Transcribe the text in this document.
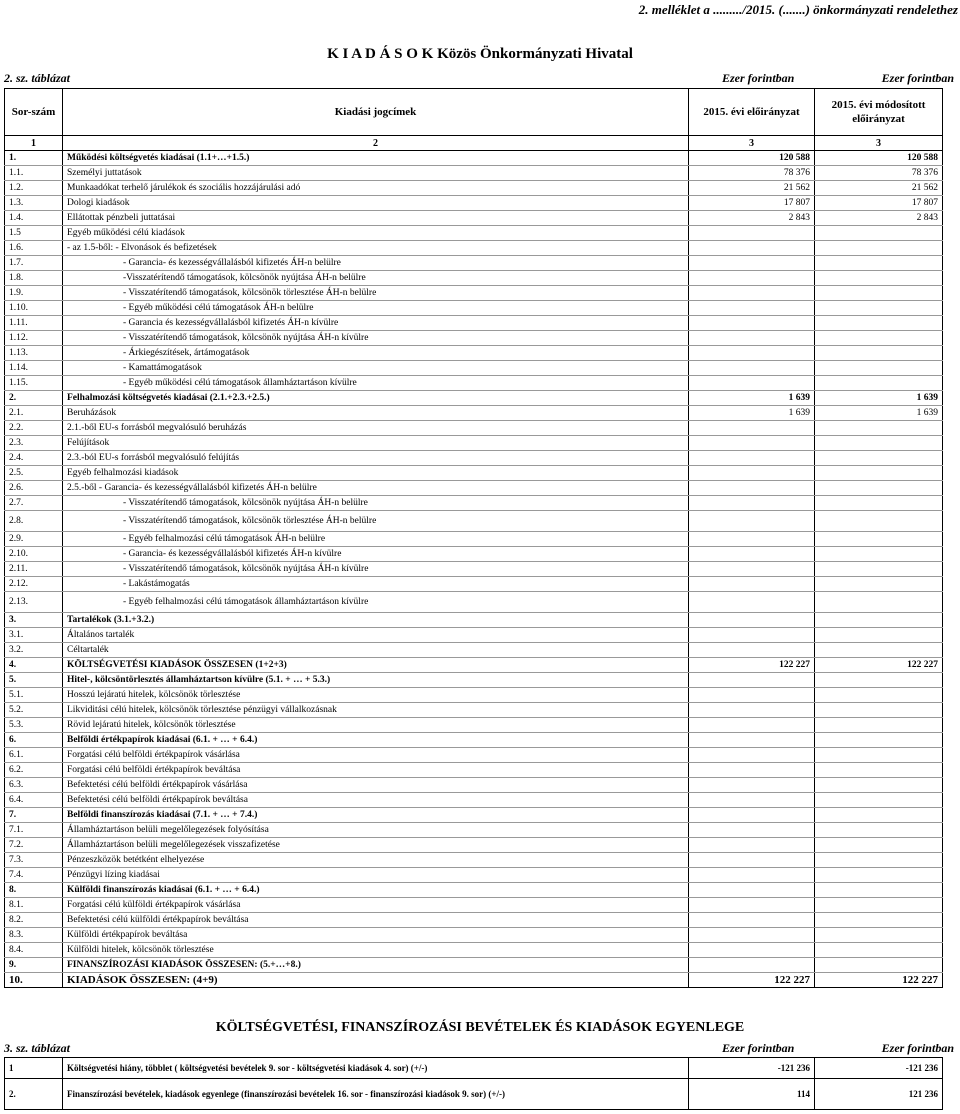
2. melléklet a ........./2015. (.......) önkormányzati rendelethez
K I A D Á S O K Közös Önkormányzati Hivatal
2. sz. táblázat	Ezer forintban	Ezer forintban
Sor-szám	Kiadási jogcímek	2015. évi előirányzat	2015. évi módosított előirányzat
1	2	3	3
1.	Működési költségvetés kiadásai (1.1+…+1.5.)	120 588	120 588
1.1.	Személyi juttatások	78 376	78 376
1.2.	Munkaadókat terhelő járulékok és szociális hozzájárulási adó	21 562	21 562
1.3.	Dologi kiadások	17 807	17 807
1.4.	Ellátottak pénzbeli juttatásai	2 843	2 843
1.5	Egyéb működési célú kiadások		
1.6.	- az 1.5-ből: - Elvonások és befizetések		
1.7.	- Garancia- és kezességvállalásból kifizetés ÁH-n belülre		
1.8.	-Visszatérítendő támogatások, kölcsönök nyújtása ÁH-n belülre		
1.9.	- Visszatérítendő támogatások, kölcsönök törlesztése ÁH-n belülre		
1.10.	- Egyéb működési célú támogatások ÁH-n belülre		
1.11.	- Garancia és kezességvállalásból kifizetés ÁH-n kívülre		
1.12.	- Visszatérítendő támogatások, kölcsönök nyújtása ÁH-n kívülre		
1.13.	- Árkiegészítések, ártámogatások		
1.14.	- Kamattámogatások		
1.15.	- Egyéb működési célú támogatások államháztartáson kívülre		
2.	Felhalmozási költségvetés kiadásai (2.1.+2.3.+2.5.)	1 639	1 639
2.1.	Beruházások	1 639	1 639
2.2.	2.1.-ből EU-s forrásból megvalósuló beruházás		
2.3.	Felújítások		
2.4.	2.3.-ból EU-s forrásból megvalósuló felújítás		
2.5.	Egyéb felhalmozási kiadások		
2.6.	2.5.-ből - Garancia- és kezességvállalásból kifizetés ÁH-n belülre		
2.7.	- Visszatérítendő támogatások, kölcsönök nyújtása ÁH-n belülre		
2.8.	- Visszatérítendő támogatások, kölcsönök törlesztése ÁH-n belülre		
2.9.	- Egyéb felhalmozási célú támogatások ÁH-n belülre		
2.10.	- Garancia- és kezességvállalásból kifizetés ÁH-n kívülre		
2.11.	- Visszatérítendő támogatások, kölcsönök nyújtása ÁH-n kívülre		
2.12.	- Lakástámogatás		
2.13.	- Egyéb felhalmozási célú támogatások államháztartáson kívülre		
3.	Tartalékok (3.1.+3.2.)		
3.1.	Általános tartalék		
3.2.	Céltartalék		
4.	KÖLTSÉGVETÉSI KIADÁSOK ÖSSZESEN (1+2+3)	122 227	122 227
5.	Hitel-, kölcsöntörlesztés államháztartson kívülre (5.1. + … + 5.3.)		
5.1.	Hosszú lejáratú hitelek, kölcsönök törlesztése		
5.2.	Likviditási célú hitelek, kölcsönök törlesztése pénzügyi vállalkozásnak		
5.3.	Rövid lejáratú hitelek, kölcsönök törlesztése		
6.	Belföldi értékpapírok kiadásai (6.1. + … + 6.4.)		
6.1.	Forgatási célú belföldi értékpapírok vásárlása		
6.2.	Forgatási célú belföldi értékpapírok beváltása		
6.3.	Befektetési célú belföldi értékpapírok vásárlása		
6.4.	Befektetési célú belföldi értékpapírok beváltása		
7.	Belföldi finanszírozás kiadásai (7.1. + … + 7.4.)		
7.1.	Államháztartáson belüli megelőlegezések folyósítása		
7.2.	Államháztartáson belüli megelőlegezések visszafizetése		
7.3.	Pénzeszközök betétként elhelyezése		
7.4.	Pénzügyi lízing kiadásai		
8.	Külföldi finanszírozás kiadásai (6.1. + … + 6.4.)		
8.1.	Forgatási célú külföldi értékpapírok vásárlása		
8.2.	Befektetési célú külföldi értékpapírok beváltása		
8.3.	Külföldi értékpapírok beváltása		
8.4.	Külföldi hitelek, kölcsönök törlesztése		
9.	FINANSZÍROZÁSI KIADÁSOK ÖSSZESEN: (5.+…+8.)		
10.	KIADÁSOK ÖSSZESEN: (4+9)	122 227	122 227
KÖLTSÉGVETÉSI, FINANSZÍROZÁSI BEVÉTELEK ÉS KIADÁSOK EGYENLEGE
3. sz. táblázat	Ezer forintban	Ezer forintban
1	Költségvetési hiány, többlet ( költségvetési bevételek 9. sor - költségvetési kiadások 4. sor) (+/-)	-121 236	-121 236
2.	Finanszírozási bevételek, kiadások egyenlege (finanszírozási bevételek 16. sor - finanszírozási kiadások 9. sor) (+/-)	114	121 236
